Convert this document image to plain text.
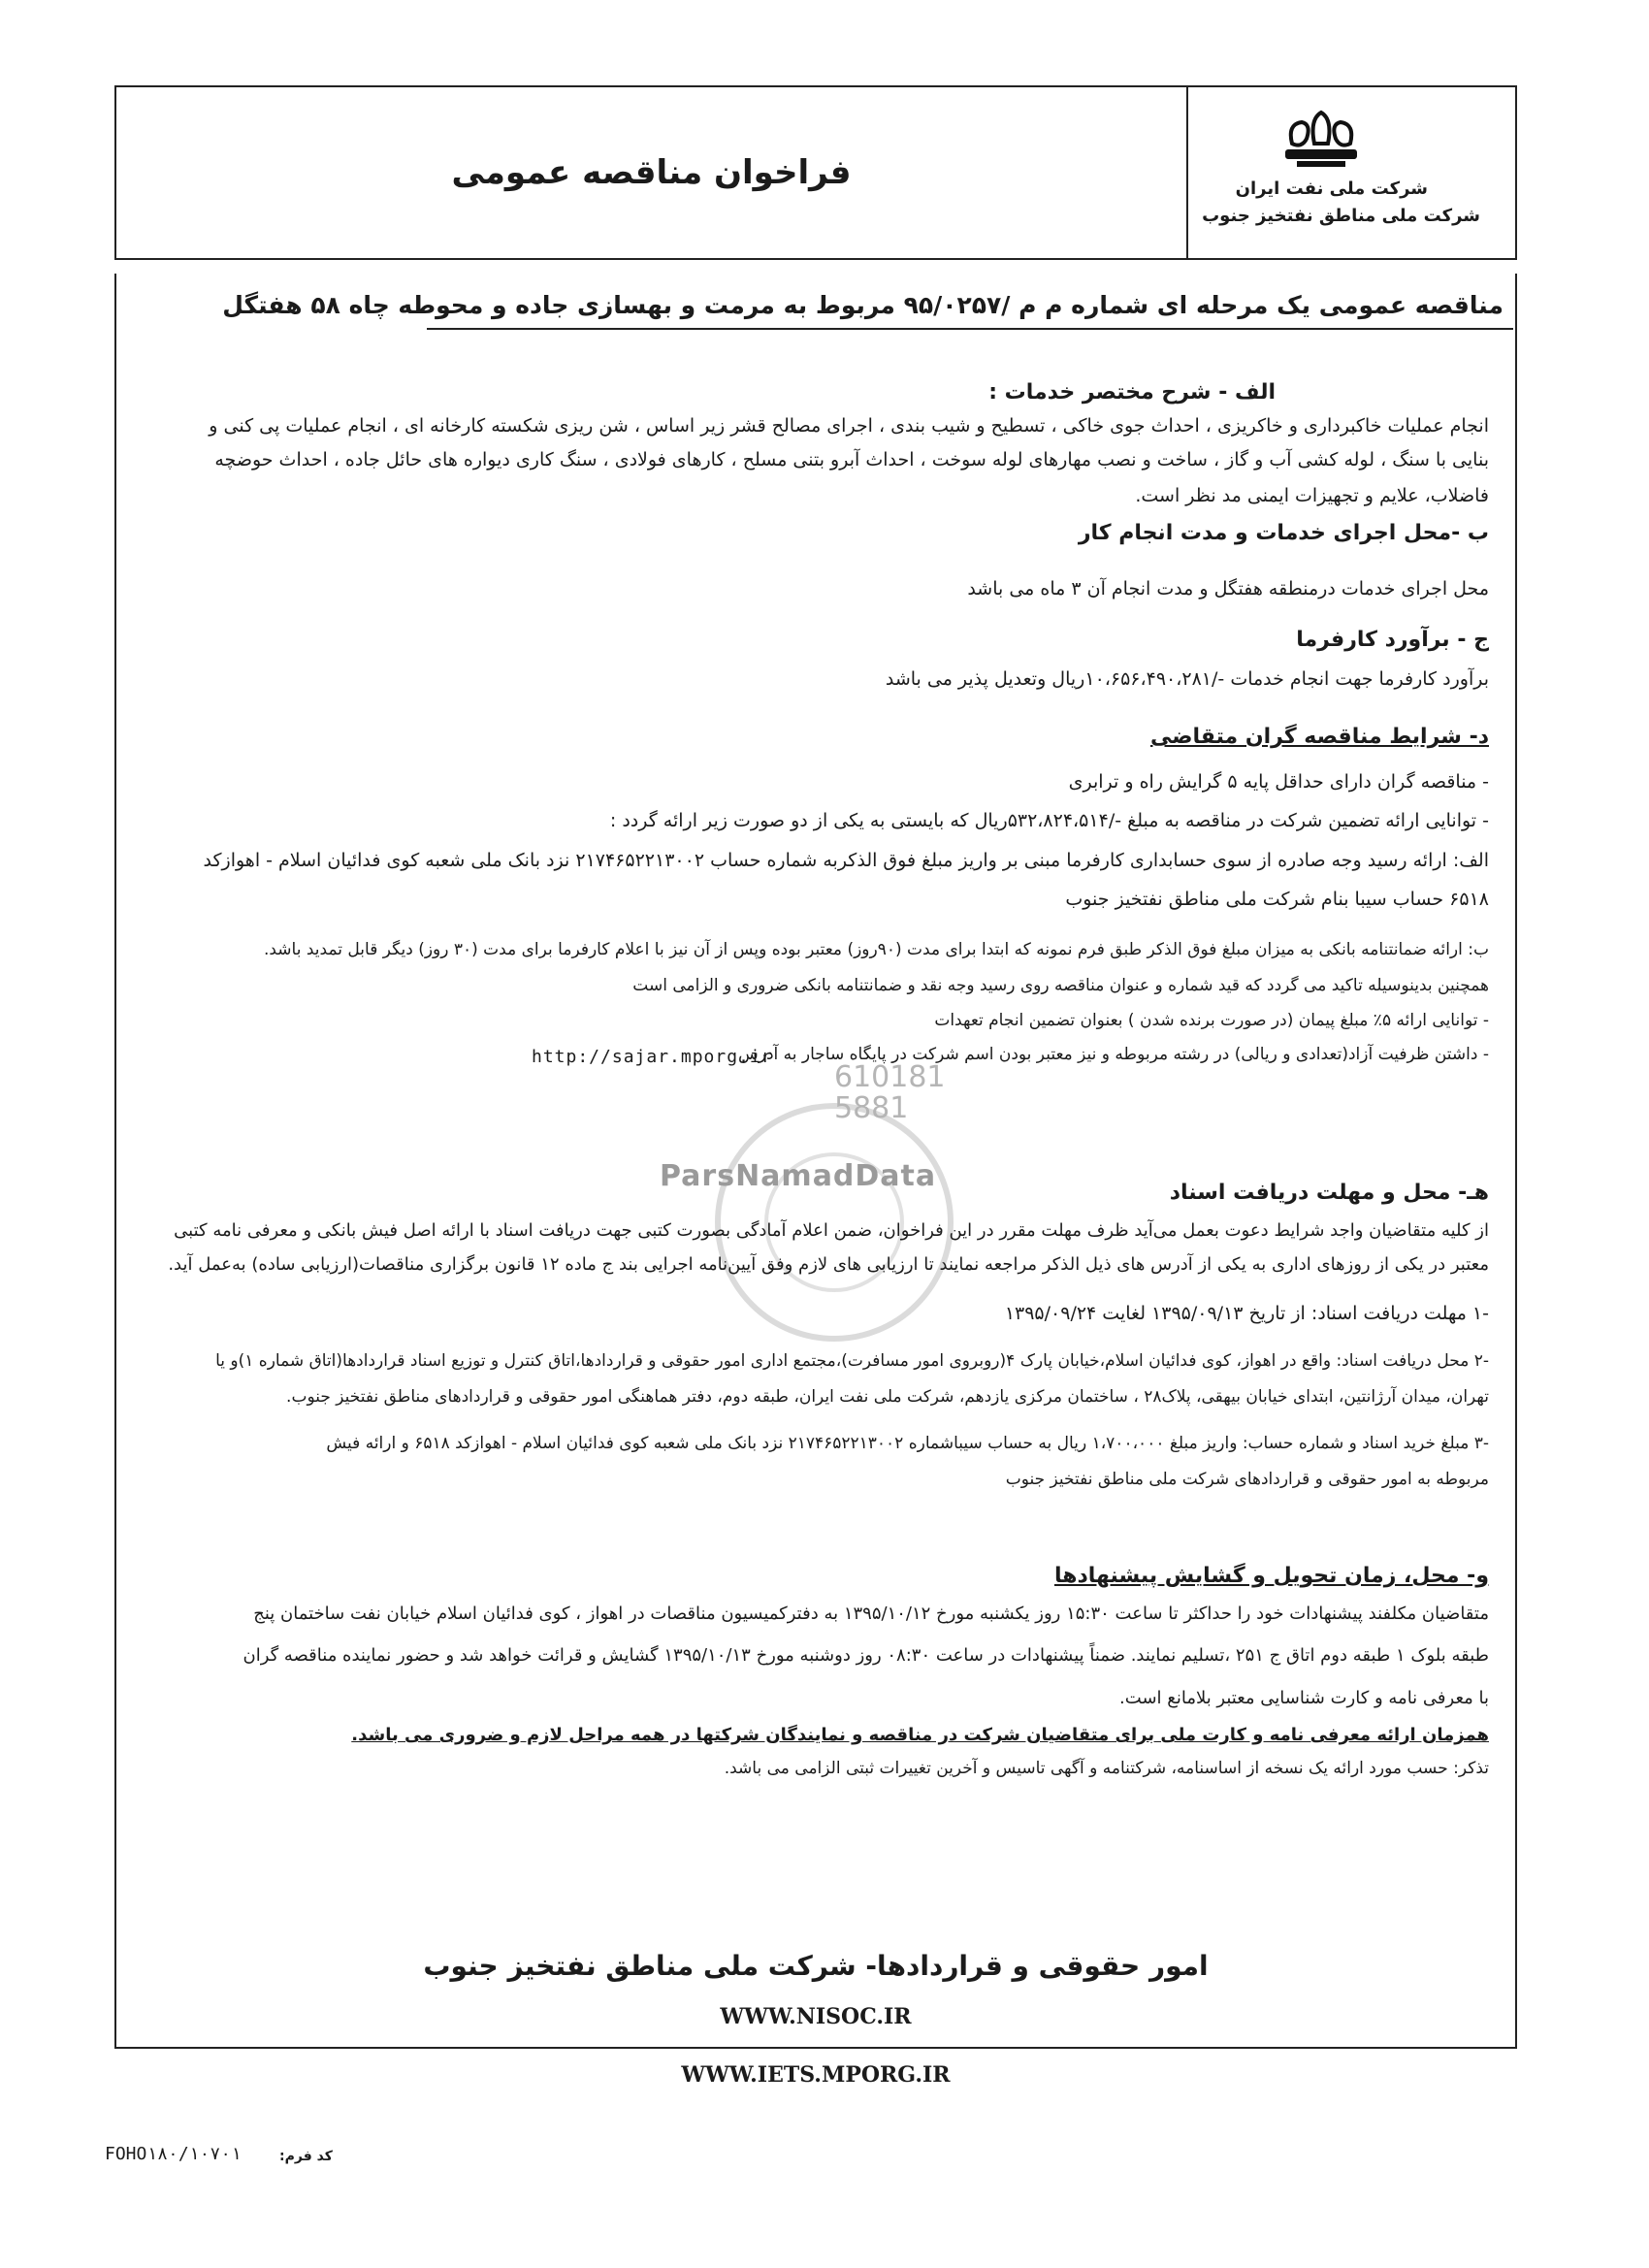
فراخوان مناقصه عمومی	شرکت ملی نفت ایران
شرکت ملی مناطق نفتخیز جنوب
مناقصه عمومی یک مرحله ای شماره م م /۹۵/۰۲۵۷ مربوط به مرمت و بهسازی جاده و محوطه چاه ۵۸ هفتگل
الف - شرح مختصر خدمات :
انجام عملیات خاکبرداری و خاکریزی ، احداث جوی خاکی ، تسطیح و شیب بندی ، اجرای مصالح قشر زیر اساس ، شن ریزی شکسته کارخانه ای ، انجام عملیات پی کنی و
بنایی با سنگ ، لوله کشی آب و گاز ، ساخت و نصب مهارهای لوله سوخت ، احداث آبرو بتنی مسلح ، کارهای فولادی ، سنگ کاری دیواره های حائل جاده ، احداث حوضچه
فاضلاب، علایم و تجهیزات ایمنی مد نظر است.
ب -محل اجرای خدمات و مدت انجام کار
محل اجرای خدمات درمنطقه هفتگل و مدت انجام آن ۳ ماه می باشد
ج - برآورد کارفرما
برآورد کارفرما جهت انجام خدمات -/۱۰،۶۵۶،۴۹۰،۲۸۱ریال وتعدیل پذیر می باشد
د- شرایط مناقصه گران متقاضی
- مناقصه گران دارای حداقل پایه ۵ گرایش راه و ترابری
- توانایی ارائه تضمین شرکت در مناقصه به مبلغ -/۵۳۲،۸۲۴،۵۱۴ریال که بایستی به یکی از دو صورت زیر ارائه گردد :
الف: ارائه رسید وجه صادره از سوی حسابداری کارفرما مبنی بر واریز مبلغ فوق الذکربه شماره حساب ۲۱۷۴۶۵۲۲۱۳۰۰۲ نزد بانک ملی شعبه کوی فدائیان اسلام - اهوازکد
۶۵۱۸ حساب سیبا بنام شرکت ملی مناطق نفتخیز جنوب
ب: ارائه ضمانتنامه بانکی به میزان مبلغ فوق الذکر طبق فرم نمونه که ابتدا برای مدت (۹۰روز) معتبر بوده وپس از آن نیز با اعلام کارفرما برای مدت (۳۰ روز) دیگر قابل تمدید باشد.
همچنین بدینوسیله تاکید می گردد که قید شماره و عنوان مناقصه روی رسید وجه نقد و ضمانتنامه بانکی ضروری و الزامی است
- توانایی ارائه ۵٪ مبلغ پیمان (در صورت برنده شدن ) بعنوان تضمین انجام تعهدات
- داشتن ظرفیت آزاد(تعدادی و ریالی) در رشته مربوطه و نیز معتبر بودن اسم شرکت در پایگاه ساجار به آدرس
http://sajar.mporg.ir
610181
5881
ParsNamadData	هـ- محل و مهلت دریافت اسناد
از کلیه متقاضیان واجد شرایط دعوت بعمل می‌آید ظرف مهلت مقرر در این فراخوان، ضمن اعلام آمادگی بصورت کتبی جهت دریافت اسناد با ارائه اصل فیش بانکی و معرفی نامه کتبی
معتبر در یکی از روزهای اداری به یکی از آدرس های ذیل الذکر مراجعه نمایند تا ارزیابی های لازم وفق آیین‌نامه اجرایی بند ج ماده ۱۲ قانون برگزاری مناقصات(ارزیابی ساده) به‌عمل آید.
-۱ مهلت دریافت اسناد: از تاریخ ۱۳۹۵/۰۹/۱۳ لغایت ۱۳۹۵/۰۹/۲۴
-۲ محل دریافت اسناد: واقع در اهواز، کوی فدائیان اسلام،خیابان پارک ۴(روبروی امور مسافرت)،مجتمع اداری امور حقوقی و قراردادها،اتاق کنترل و توزیع اسناد قراردادها(اتاق شماره ۱)و یا
تهران، میدان آرژانتین، ابتدای خیابان بیهقی، پلاک۲۸ ، ساختمان مرکزی یازدهم، شرکت ملی نفت ایران، طبقه دوم، دفتر هماهنگی امور حقوقی و قراردادهای مناطق نفتخیز جنوب.
-۳ مبلغ خرید اسناد و شماره حساب: واریز مبلغ ۱،۷۰۰،۰۰۰ ریال به حساب سیباشماره ۲۱۷۴۶۵۲۲۱۳۰۰۲ نزد بانک ملی شعبه کوی فدائیان اسلام - اهوازکد ۶۵۱۸ و ارائه فیش
مربوطه به امور حقوقی و قراردادهای شرکت ملی مناطق نفتخیز جنوب
و- محل، زمان تحویل و گشایش پیشنهادها
متقاضیان مکلفند پیشنهادات خود را حداکثر تا ساعت ۱۵:۳۰ روز یکشنبه مورخ ۱۳۹۵/۱۰/۱۲ به دفترکمیسیون مناقصات در اهواز ، کوی فدائیان اسلام خیابان نفت ساختمان پنج
طبقه بلوک ۱ طبقه دوم اتاق ج ۲۵۱ ،تسلیم نمایند. ضمناً پیشنهادات در ساعت ۰۸:۳۰ روز دوشنبه مورخ ۱۳۹۵/۱۰/۱۳ گشایش و قرائت خواهد شد و حضور نماینده مناقصه گران
با معرفی نامه و کارت شناسایی معتبر بلامانع است.
همزمان ارائه معرفی نامه و کارت ملی برای متقاضیان شرکت در مناقصه و نمایندگان شرکتها در همه مراحل لازم و ضروری می باشد.
تذکر: حسب مورد ارائه یک نسخه از اساسنامه، شرکتنامه و آگهی تاسیس و آخرین تغییرات ثبتی الزامی می باشد.
امور حقوقی و قراردادها- شرکت ملی مناطق نفتخیز جنوب
WWW.NISOC.IR
WWW.IETS.MPORG.IR
کد فرم:
FOHO۱۸۰/۱۰۷۰۱
